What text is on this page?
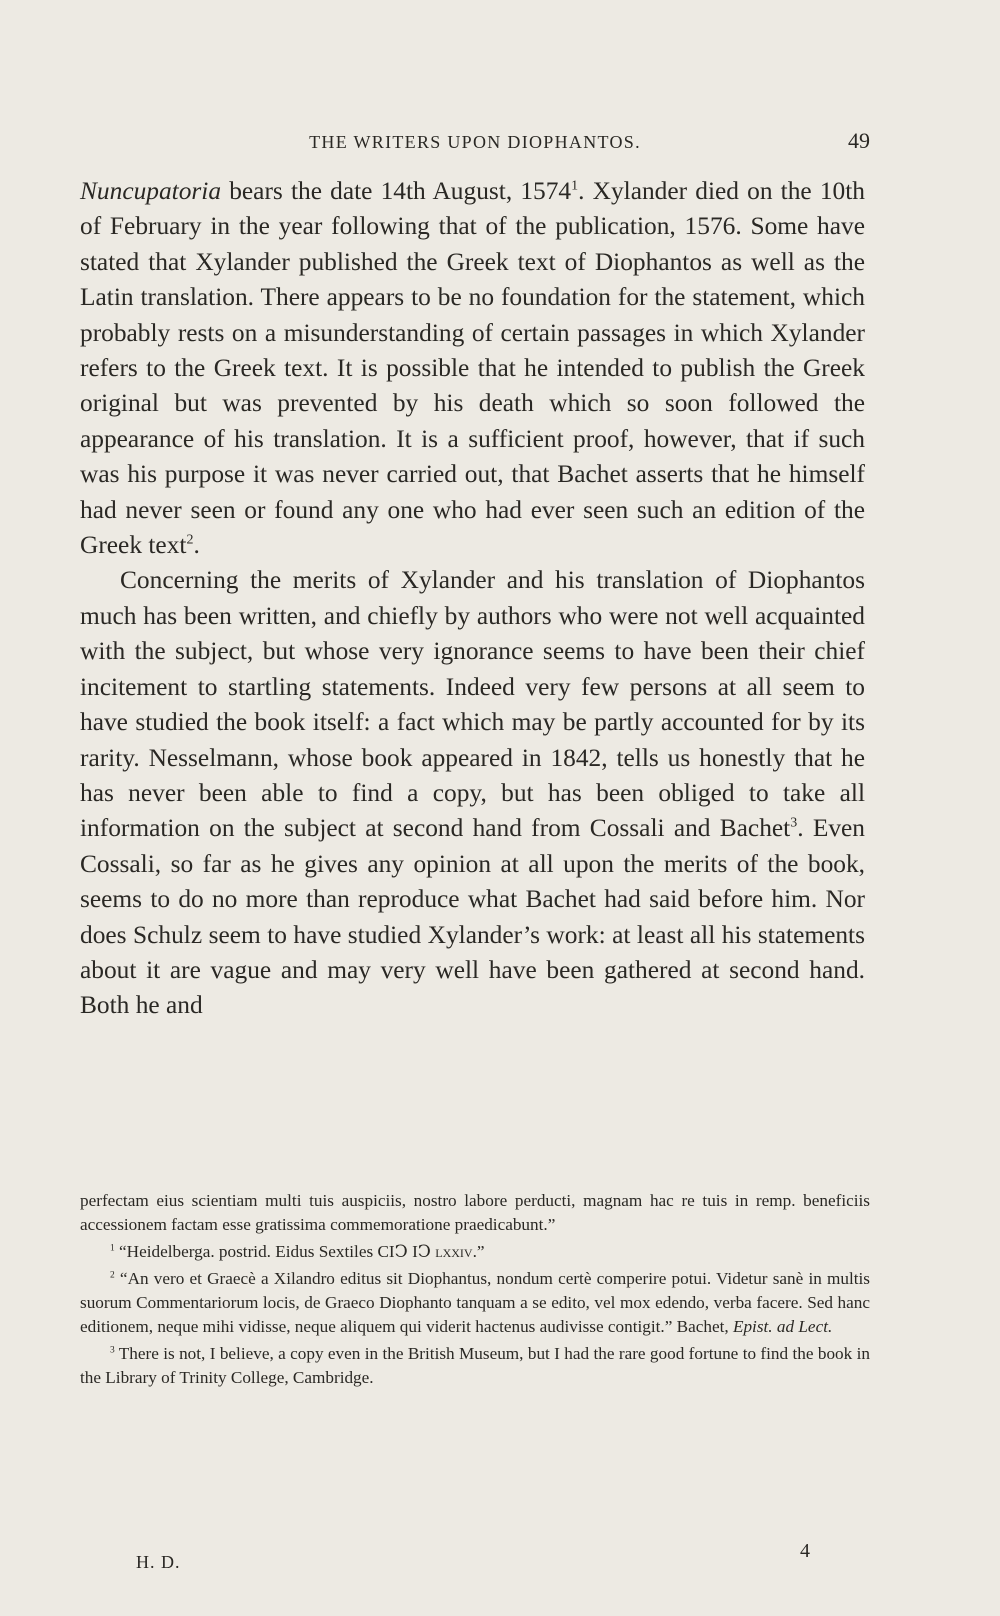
THE WRITERS UPON DIOPHANTOS.	49

Nuncupatoria bears the date 14th August, 1574$^1$. Xylander died on the 10th of February in the year following that of the publication, 1576. Some have stated that Xylander published the Greek text of Diophantos as well as the Latin translation. There appears to be no foundation for the statement, which probably rests on a misunderstanding of certain passages in which Xylander refers to the Greek text. It is possible that he intended to publish the Greek original but was prevented by his death which so soon followed the appearance of his translation. It is a sufficient proof, however, that if such was his purpose it was never carried out, that Bachet asserts that he himself had never seen or found any one who had ever seen such an edition of the Greek text$^2$.

Concerning the merits of Xylander and his translation of Diophantos much has been written, and chiefly by authors who were not well acquainted with the subject, but whose very ignorance seems to have been their chief incitement to startling statements. Indeed very few persons at all seem to have studied the book itself: a fact which may be partly accounted for by its rarity. Nesselmann, whose book appeared in 1842, tells us honestly that he has never been able to find a copy, but has been obliged to take all information on the subject at second hand from Cossali and Bachet$^3$. Even Cossali, so far as he gives any opinion at all upon the merits of the book, seems to do no more than reproduce what Bachet had said before him. Nor does Schulz seem to have studied Xylander’s work: at least all his statements about it are vague and may very well have been gathered at second hand. Both he and

perfectam eius scientiam multi tuis auspiciis, nostro labore perducti, magnam hac re tuis in remp. beneficiis accessionem factam esse gratissima commemoratione praedicabunt.”

$^1$ “Heidelberga. postrid. Eidus Sextiles CIↃ IↃ lxxiv.”

$^2$ “An vero et Graecè a Xilandro editus sit Diophantus, nondum certè comperire potui. Videtur sanè in multis suorum Commentariorum locis, de Graeco Diophanto tanquam a se edito, vel mox edendo, verba facere. Sed hanc editionem, neque mihi vidisse, neque aliquem qui viderit hactenus audivisse contigit.” Bachet, Epist. ad Lect.

$^3$ There is not, I believe, a copy even in the British Museum, but I had the rare good fortune to find the book in the Library of Trinity College, Cambridge.

H. D.	4
